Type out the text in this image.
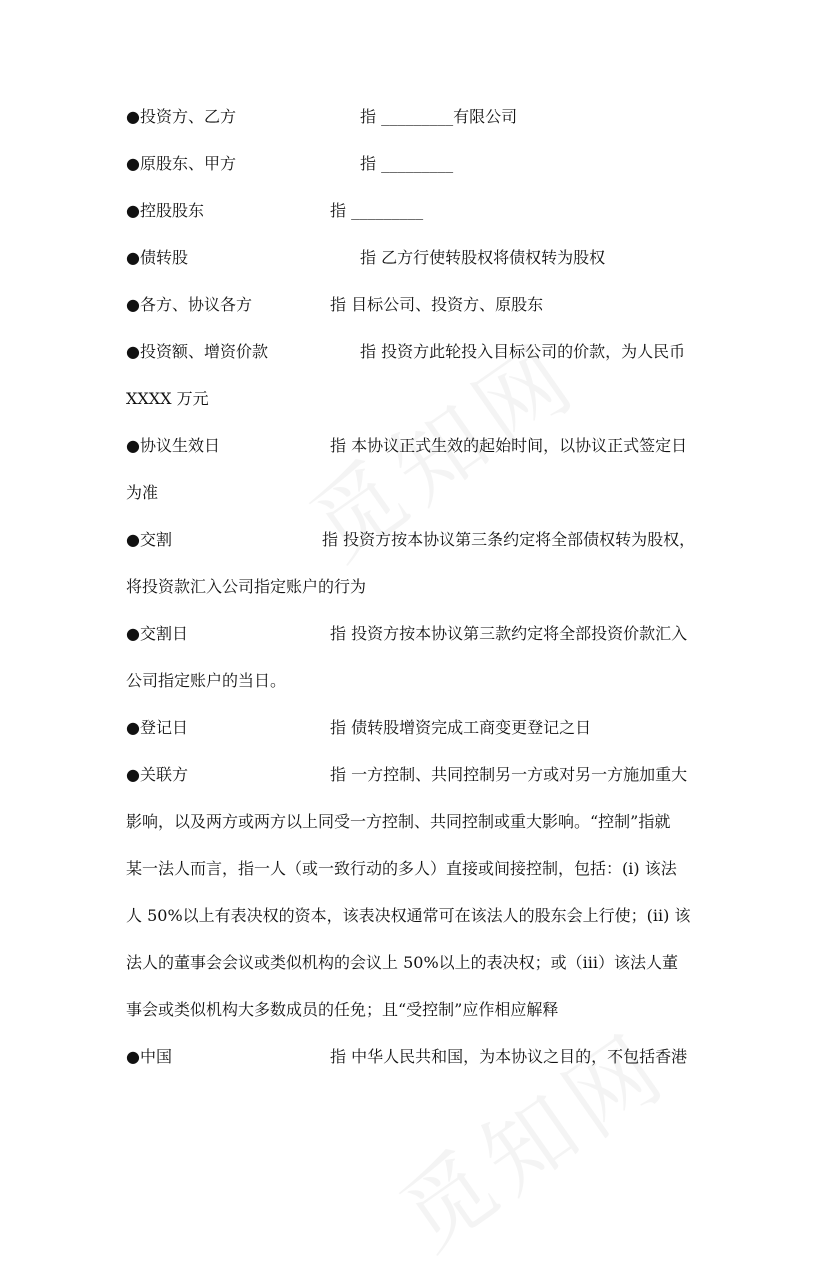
●投资方、乙方	指 _________有限公司
●原股东、甲方	指 _________
●控股股东	指 _________
●债转股	指 乙方行使转股权将债权转为股权
●各方、协议各方	指 目标公司、投资方、原股东
●投资额、增资价款	指 投资方此轮投入目标公司的价款，为人民币
XXXX 万元
●协议生效日	指 本协议正式生效的起始时间，以协议正式签定日
为准
●交割	指 投资方按本协议第三条约定将全部债权转为股权，
将投资款汇入公司指定账户的行为
●交割日	指 投资方按本协议第三款约定将全部投资价款汇入
公司指定账户的当日。
●登记日	指 债转股增资完成工商变更登记之日
●关联方	指 一方控制、共同控制另一方或对另一方施加重大
影响，以及两方或两方以上同受一方控制、共同控制或重大影响。“控制”指就
某一法人而言，指一人（或一致行动的多人）直接或间接控制，包括：(i) 该法
人 50%以上有表决权的资本，该表决权通常可在该法人的股东会上行使；(ii) 该
法人的董事会会议或类似机构的会议上 50%以上的表决权；或（iii）该法人董
事会或类似机构大多数成员的任免；且“受控制”应作相应解释
●中国	指 中华人民共和国，为本协议之目的，不包括香港
